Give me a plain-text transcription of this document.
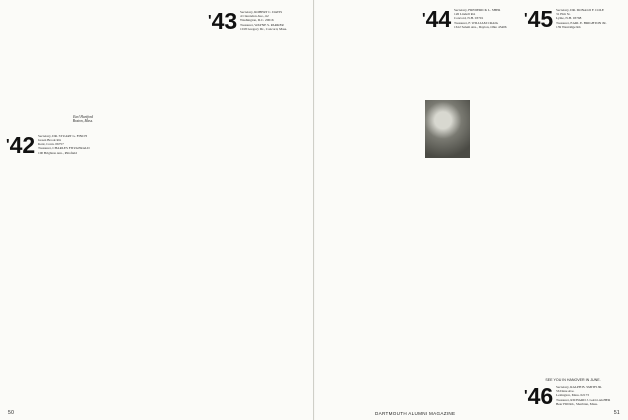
Earl Hartford
Boston, Mass.
'42 Secretary, DR. STUART G. FINCH
Green Brook Rd.
Kent, Conn. 06757
Treasurer, CHARLES FITZGERALD
100 Brighton Ave., Pittsfield
'43 Secretary, ROBERT C. DAVIS
4 Clarendon Ave., #2
Washington, D.C. 20016
Treasurer, WAYNE S. PARKER
1018 Gregory Dr., Concord, Mass.
50
'44 Secretary, FREDERICK L. SHER
126 Lindell Rd.
Concord, N.H. 03701
Treasurer, F. WILLIAM CRAIG
1612 Salem Ave., Dayton, Ohio 45406	'45 Secretary, DR. DONALD F. COLE
31 Elm St.
Lyme, N.H. 03768
Treasurer, EARL E. BRIGHTON JR.
139 Westridge Rd.
SEE YOU IN HANOVER IN JUNE.
'46 Secretary, RALPH B. SMITH JR.
56 Dane Ave.
Lexington, Mass. 02173
Treasurer, RICHARD J. GALLAGHER
Bear Hill Rd., Sharbran, Mass.
DARTMOUTH ALUMNI MAGAZINE	51
